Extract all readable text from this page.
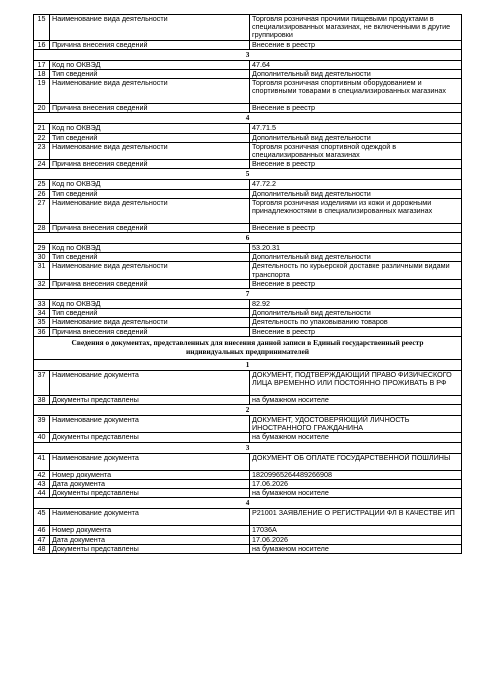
15	Наименование вида деятельности	Торговля розничная прочими пищевыми продуктами в специализированных магазинах, не включенными в другие группировки
16	Причина внесения сведений	Внесение в реестр
3		
17	Код по ОКВЭД	47.64
18	Тип сведений	Дополнительный вид деятельности
19	Наименование вида деятельности	Торговля розничная спортивным оборудованием и спортивными товарами в специализированных магазинах
20	Причина внесения сведений	Внесение в реестр
4		
21	Код по ОКВЭД	47.71.5
22	Тип сведений	Дополнительный вид деятельности
23	Наименование вида деятельности	Торговля розничная спортивной одеждой в специализированных магазинах
24	Причина внесения сведений	Внесение в реестр
5		
25	Код по ОКВЭД	47.72.2
26	Тип сведений	Дополнительный вид деятельности
27	Наименование вида деятельности	Торговля розничная изделиями из кожи и дорожными принадлежностями в специализированных магазинах
28	Причина внесения сведений	Внесение в реестр
6		
29	Код по ОКВЭД	53.20.31
30	Тип сведений	Дополнительный вид деятельности
31	Наименование вида деятельности	Деятельность по курьерской доставке различными видами транспорта
32	Причина внесения сведений	Внесение в реестр
7		
33	Код по ОКВЭД	82.92
34	Тип сведений	Дополнительный вид деятельности
35	Наименование вида деятельности	Деятельность по упаковыванию товаров
36	Причина внесения сведений	Внесение в реестр
Сведения о документах, представленных для внесения данной записи в Единый государственный реестр индивидуальных предпринимателей		
1		
37	Наименование документа	ДОКУМЕНТ, ПОДТВЕРЖДАЮЩИЙ ПРАВО ФИЗИЧЕСКОГО ЛИЦА ВРЕМЕННО ИЛИ ПОСТОЯННО ПРОЖИВАТЬ В РФ
38	Документы представлены	на бумажном носителе
2		
39	Наименование документа	ДОКУМЕНТ, УДОСТОВЕРЯЮЩИЙ ЛИЧНОСТЬ ИНОСТРАННОГО ГРАЖДАНИНА
40	Документы представлены	на бумажном носителе
3		
41	Наименование документа	ДОКУМЕНТ ОБ ОПЛАТЕ ГОСУДАРСТВЕННОЙ ПОШЛИНЫ
42	Номер документа	18209965264489266908
43	Дата документа	17.06.2026
44	Документы представлены	на бумажном носителе
4		
45	Наименование документа	Р21001 ЗАЯВЛЕНИЕ О РЕГИСТРАЦИИ ФЛ В КАЧЕСТВЕ ИП
46	Номер документа	17036А
47	Дата документа	17.06.2026
48	Документы представлены	на бумажном носителе
